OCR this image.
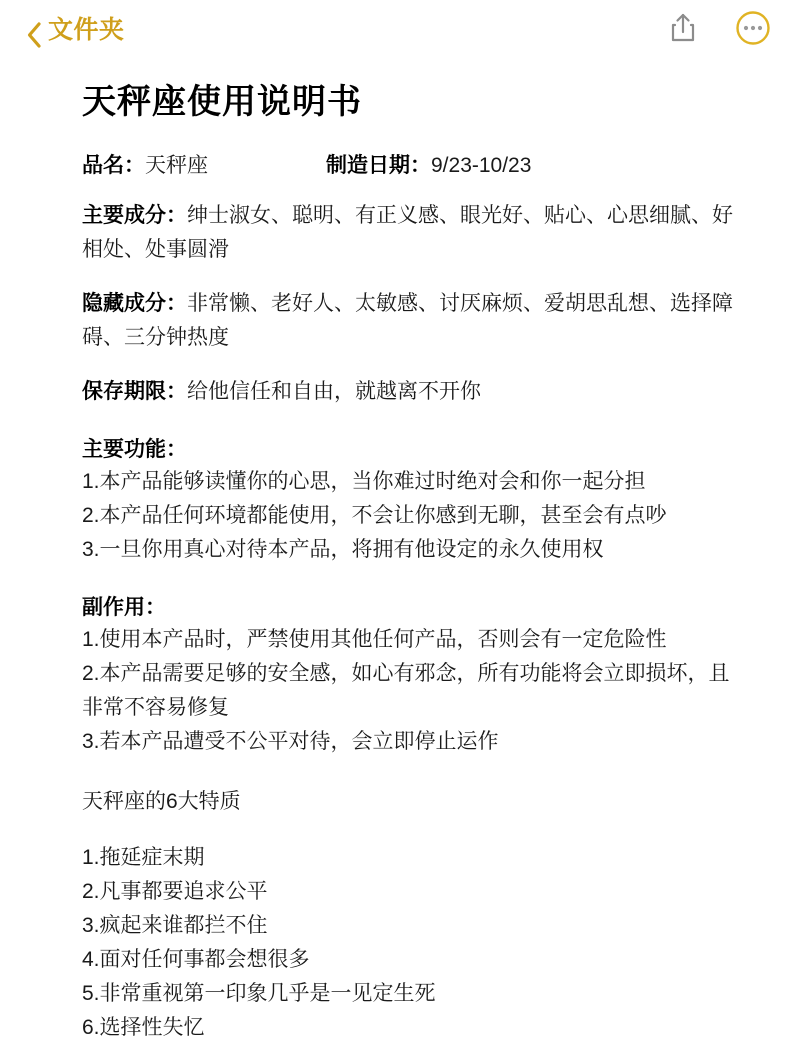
文件夹
天秤座使用说明书
品名：天秤座	制造日期：9/23-10/23

主要成分：绅士淑女、聪明、有正义感、眼光好、贴心、心思细腻、好相处、处事圆滑

隐藏成分：非常懒、老好人、太敏感、讨厌麻烦、爱胡思乱想、选择障碍、三分钟热度

保存期限：给他信任和自由，就越离不开你

主要功能：
1.本产品能够读懂你的心思，当你难过时绝对会和你一起分担
2.本产品任何环境都能使用，不会让你感到无聊，甚至会有点吵
3.一旦你用真心对待本产品，将拥有他设定的永久使用权
副作用：
1.使用本产品时，严禁使用其他任何产品，否则会有一定危险性
2.本产品需要足够的安全感，如心有邪念，所有功能将会立即损坏，且非常不容易修复
3.若本产品遭受不公平对待，会立即停止运作
天秤座的6大特质
1.拖延症末期
2.凡事都要追求公平
3.疯起来谁都拦不住
4.面对任何事都会想很多
5.非常重视第一印象几乎是一见定生死
6.选择性失忆
